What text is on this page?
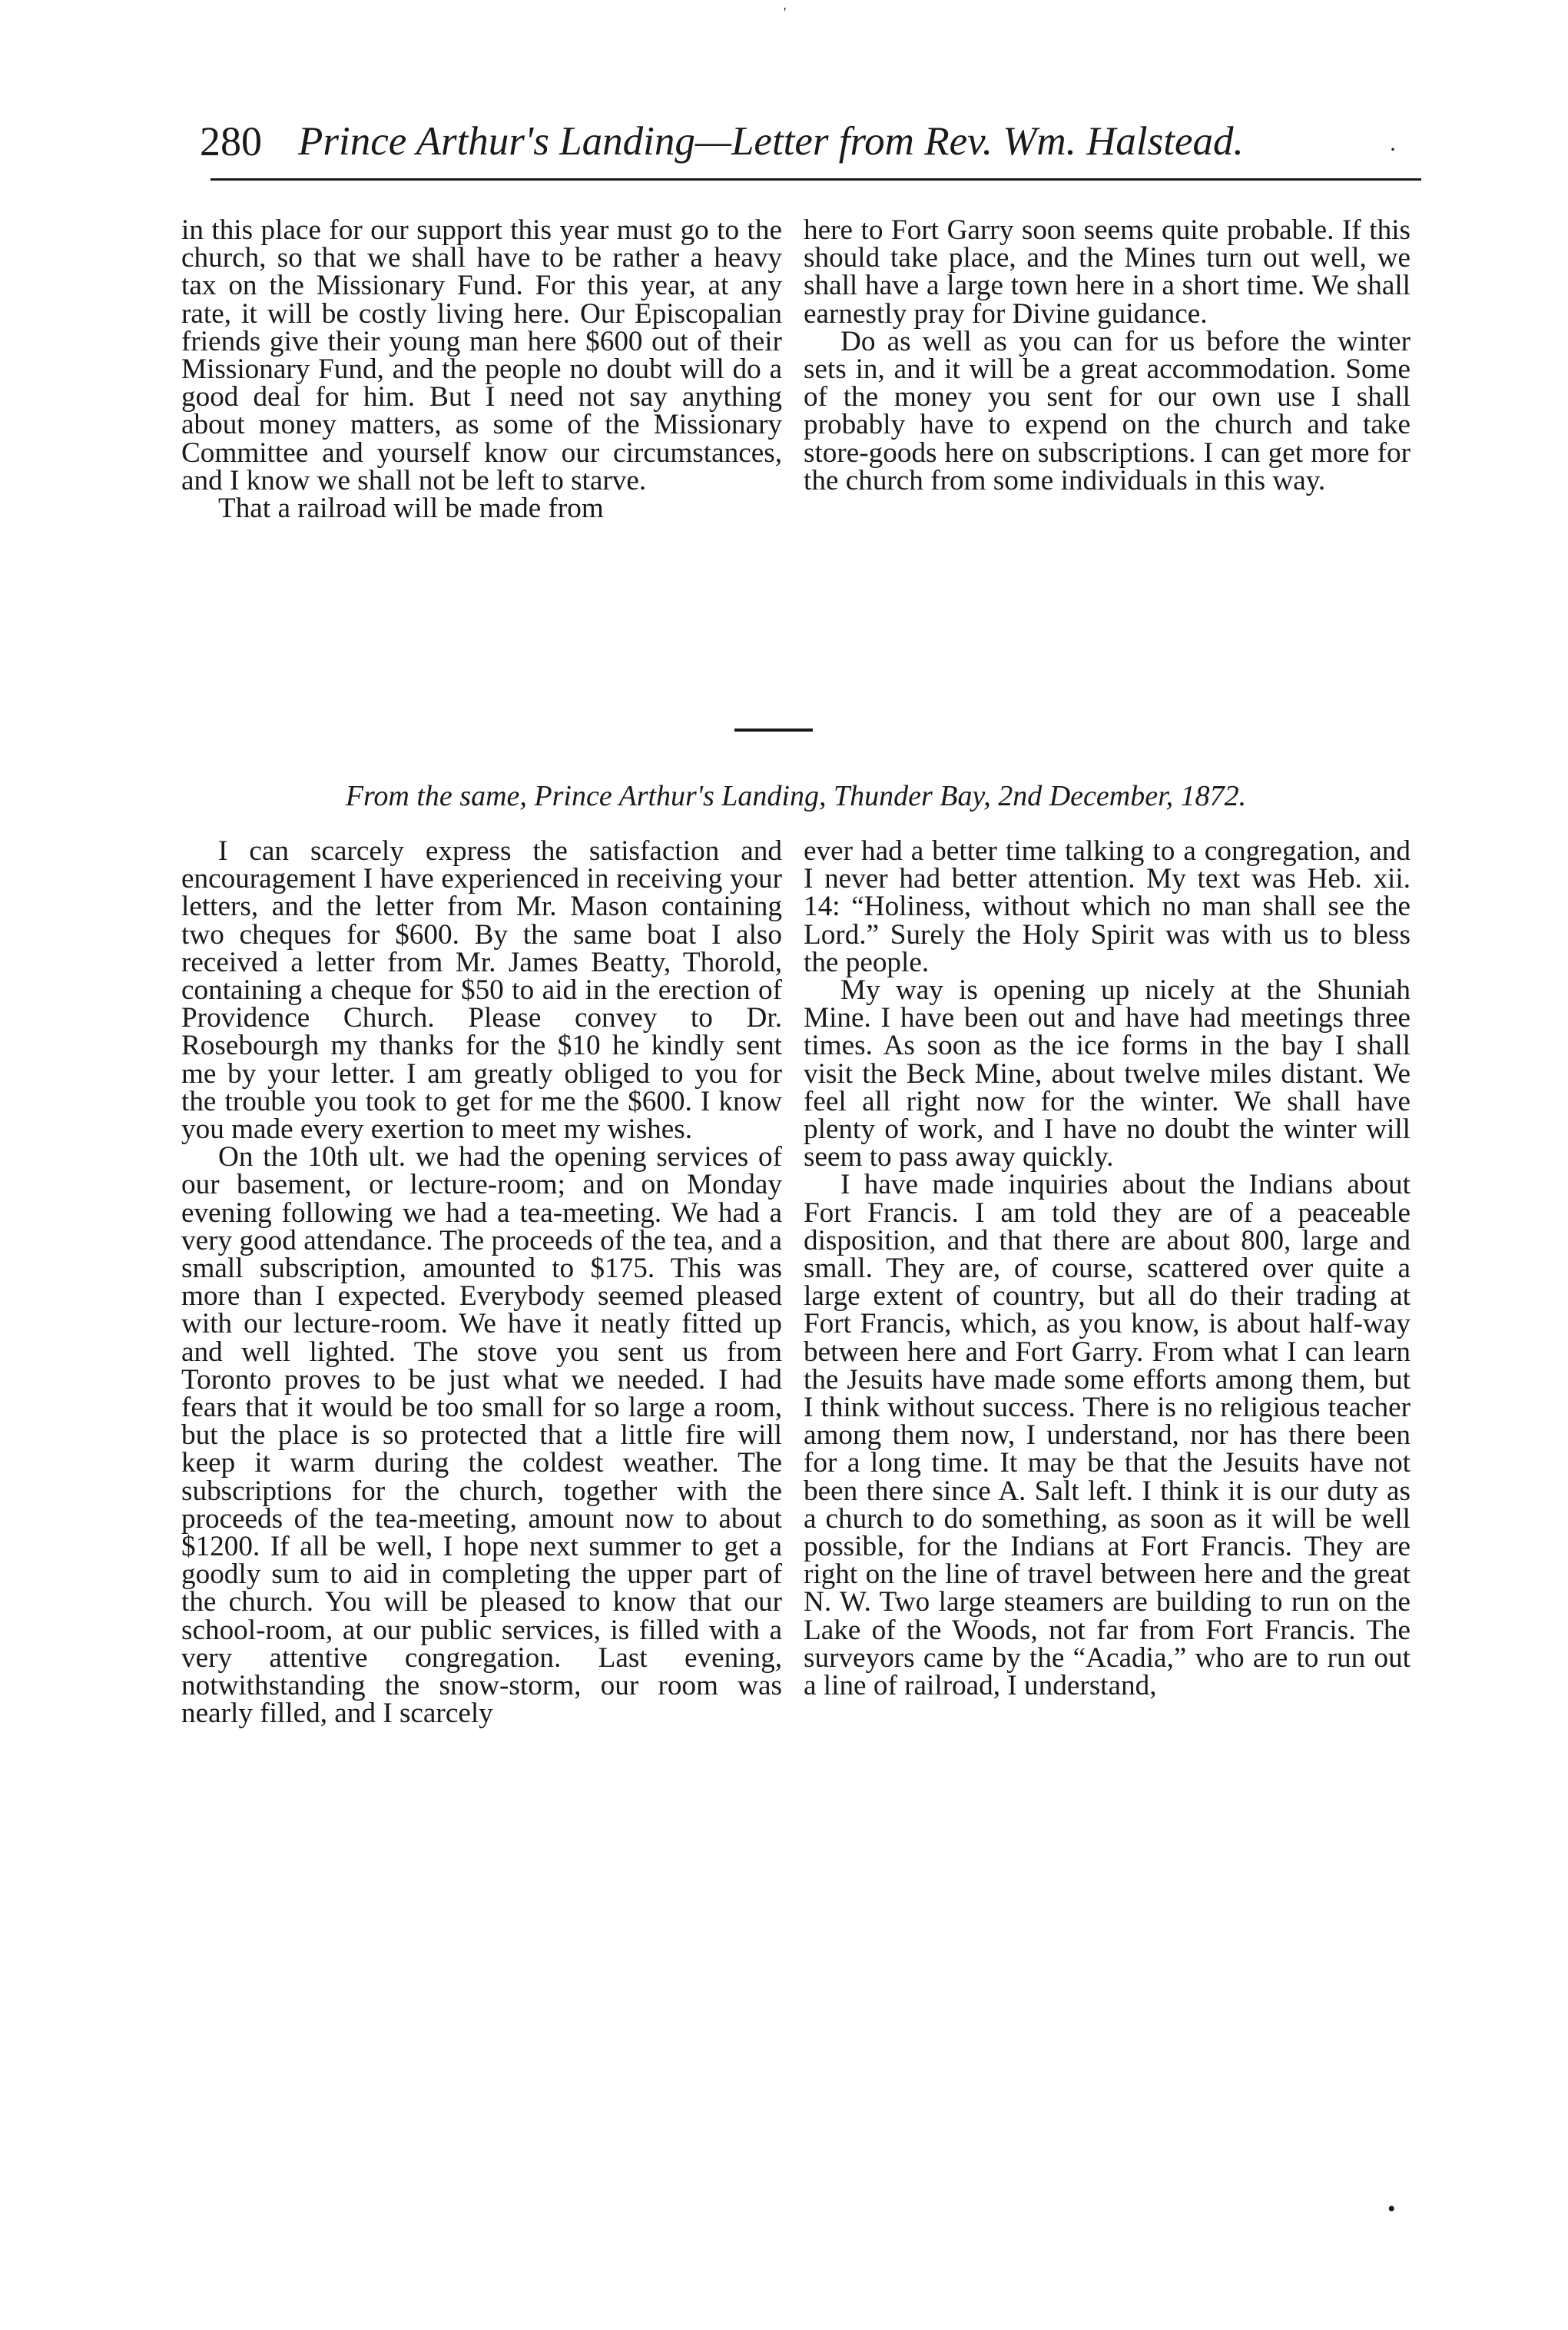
'
280 Prince Arthur's Landing—Letter from Rev. Wm. Halstead.	·

in this place for our support this year must go to the church, so that we shall have to be rather a heavy tax on the Missionary Fund. For this year, at any rate, it will be costly living here. Our Episcopalian friends give their young man here $600 out of their Missionary Fund, and the people no doubt will do a good deal for him. But I need not say anything about money matters, as some of the Missionary Committee and yourself know our circumstances, and I know we shall not be left to starve.

That a railroad will be made from

here to Fort Garry soon seems quite probable. If this should take place, and the Mines turn out well, we shall have a large town here in a short time. We shall earnestly pray for Divine guidance.

Do as well as you can for us before the winter sets in, and it will be a great accommodation. Some of the money you sent for our own use I shall probably have to expend on the church and take store-goods here on subscriptions. I can get more for the church from some individuals in this way.

From the same, Prince Arthur's Landing, Thunder Bay, 2nd December, 1872.

I can scarcely express the satisfaction and encouragement I have experienced in receiving your letters, and the letter from Mr. Mason containing two cheques for $600. By the same boat I also received a letter from Mr. James Beatty, Thorold, containing a cheque for $50 to aid in the erection of Providence Church. Please convey to Dr. Rosebourgh my thanks for the $10 he kindly sent me by your letter. I am greatly obliged to you for the trouble you took to get for me the $600. I know you made every exertion to meet my wishes.

On the 10th ult. we had the opening services of our basement, or lecture-room; and on Monday evening following we had a tea-meeting. We had a very good attendance. The proceeds of the tea, and a small subscription, amounted to $175. This was more than I expected. Everybody seemed pleased with our lecture-room. We have it neatly fitted up and well lighted. The stove you sent us from Toronto proves to be just what we needed. I had fears that it would be too small for so large a room, but the place is so protected that a little fire will keep it warm during the coldest weather. The subscriptions for the church, together with the proceeds of the tea-meeting, amount now to about $1200. If all be well, I hope next summer to get a goodly sum to aid in completing the upper part of the church. You will be pleased to know that our school-room, at our public services, is filled with a very attentive congregation. Last evening, notwithstanding the snow-storm, our room was nearly filled, and I scarcely

ever had a better time talking to a congregation, and I never had better attention. My text was Heb. xii. 14: “Holiness, without which no man shall see the Lord.” Surely the Holy Spirit was with us to bless the people.

My way is opening up nicely at the Shuniah Mine. I have been out and have had meetings three times. As soon as the ice forms in the bay I shall visit the Beck Mine, about twelve miles distant. We feel all right now for the winter. We shall have plenty of work, and I have no doubt the winter will seem to pass away quickly.

I have made inquiries about the Indians about Fort Francis. I am told they are of a peaceable disposition, and that there are about 800, large and small. They are, of course, scattered over quite a large extent of country, but all do their trading at Fort Francis, which, as you know, is about half-way between here and Fort Garry. From what I can learn the Jesuits have made some efforts among them, but I think without success. There is no religious teacher among them now, I understand, nor has there been for a long time. It may be that the Jesuits have not been there since A. Salt left. I think it is our duty as a church to do something, as soon as it will be well possible, for the Indians at Fort Francis. They are right on the line of travel between here and the great N. W. Two large steamers are building to run on the Lake of the Woods, not far from Fort Francis. The surveyors came by the “Acadia,” who are to run out a line of railroad, I understand,

•
